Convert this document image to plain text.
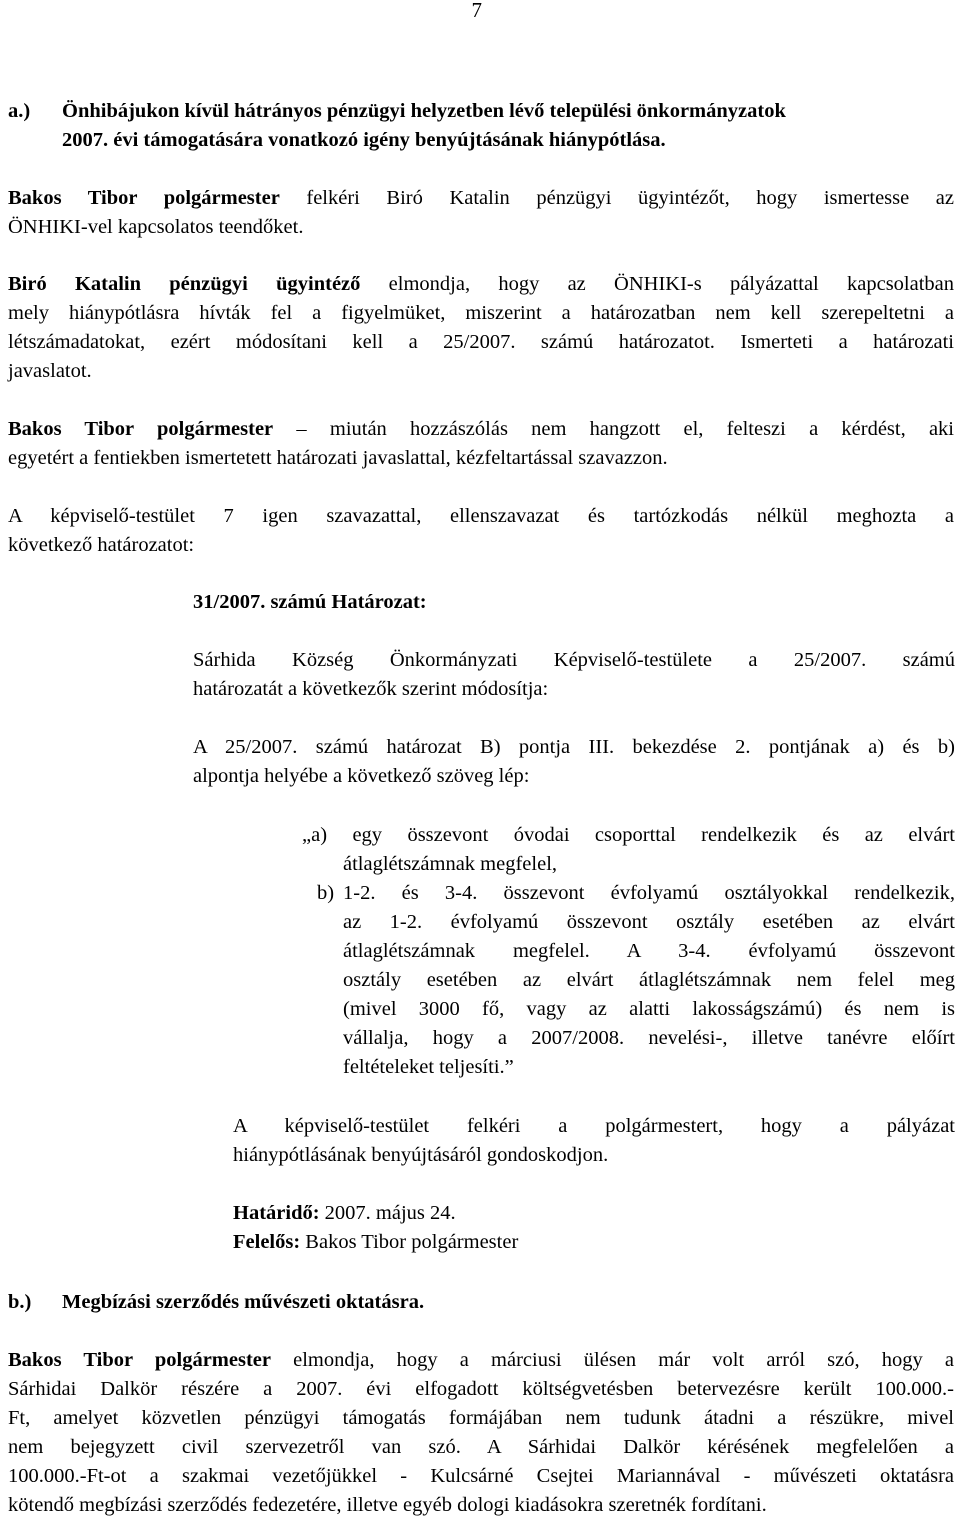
7
a.) Önhibájukon kívül hátrányos pénzügyi helyzetben lévő települési önkormányzatok
2007. évi támogatására vonatkozó igény benyújtásának hiánypótlása.
Bakos Tibor polgármester felkéri Biró Katalin pénzügyi ügyintézőt, hogy ismertesse az
ÖNHIKI-vel kapcsolatos teendőket.
Biró Katalin pénzügyi ügyintéző elmondja, hogy az ÖNHIKI-s pályázattal kapcsolatban
mely hiánypótlásra hívták fel a figyelmüket, miszerint a határozatban nem kell szerepeltetni a
létszámadatokat, ezért módosítani kell a 25/2007. számú határozatot. Ismerteti a határozati
javaslatot.
Bakos Tibor polgármester – miután hozzászólás nem hangzott el, felteszi a kérdést, aki
egyetért a fentiekben ismertetett határozati javaslattal, kézfeltartással szavazzon.
A képviselő-testület 7 igen szavazattal, ellenszavazat és tartózkodás nélkül meghozta a
következő határozatot:
31/2007. számú Határozat:
Sárhida Község Önkormányzati Képviselő-testülete a 25/2007. számú
határozatát a következők szerint módosítja:
A 25/2007. számú határozat B) pontja III. bekezdése 2. pontjának a) és b)
alpontja helyébe a következő szöveg lép:
„a) egy összevont óvodai csoporttal rendelkezik és az elvárt
átlaglétszámnak megfelel,
b) 1-2. és 3-4. összevont évfolyamú osztályokkal rendelkezik,
az 1-2. évfolyamú összevont osztály esetében az elvárt
átlaglétszámnak megfelel. A 3-4. évfolyamú összevont
osztály esetében az elvárt átlaglétszámnak nem felel meg
(mivel 3000 fő, vagy az alatti lakosságszámú) és nem is
vállalja, hogy a 2007/2008. nevelési-, illetve tanévre előírt
feltételeket teljesíti.”
A képviselő-testület felkéri a polgármestert, hogy a pályázat
hiánypótlásának benyújtásáról gondoskodjon.
Határidő: 2007. május 24.
Felelős: Bakos Tibor polgármester
b.) Megbízási szerződés művészeti oktatásra.
Bakos Tibor polgármester elmondja, hogy a márciusi ülésen már volt arról szó, hogy a
Sárhidai Dalkör részére a 2007. évi elfogadott költségvetésben betervezésre került 100.000.-
Ft, amelyet közvetlen pénzügyi támogatás formájában nem tudunk átadni a részükre, mivel
nem bejegyzett civil szervezetről van szó. A Sárhidai Dalkör kérésének megfelelően a
100.000.-Ft-ot a szakmai vezetőjükkel - Kulcsárné Csejtei Mariannával - művészeti oktatásra
kötendő megbízási szerződés fedezetére, illetve egyéb dologi kiadásokra szeretnék fordítani.
